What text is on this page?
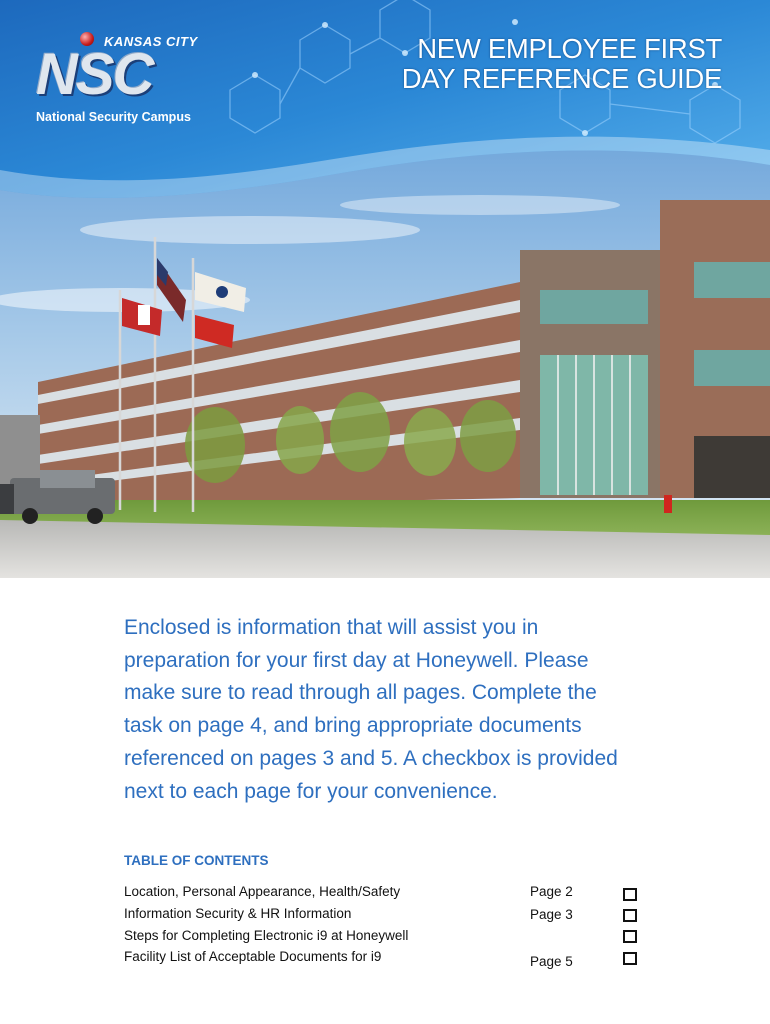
KANSAS CITY
NSC
National Security Campus
NEW EMPLOYEE FIRST
DAY REFERENCE GUIDE
Enclosed is information that will assist you in preparation for your first day at Honeywell. Please make sure to read through all pages. Complete the task on page 4, and bring appropriate documents referenced on pages 3 and 5. A checkbox is provided next to each page for your convenience.
TABLE OF CONTENTS
Location, Personal Appearance, Health/Safety	Page 2
Information Security & HR Information	Page 3
Steps for Completing Electronic i9 at Honeywell
Facility List of Acceptable Documents for i9	Page 5
